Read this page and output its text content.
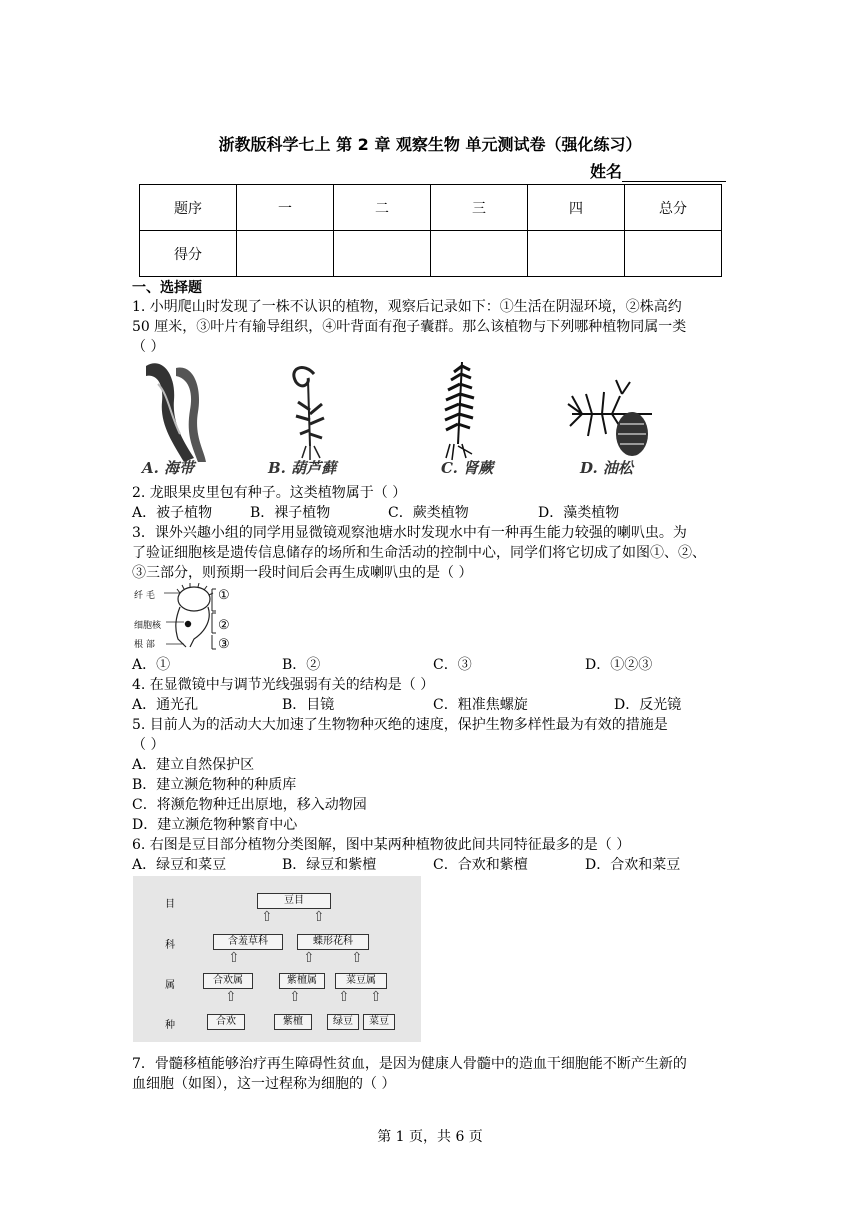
浙教版科学七上 第 2 章 观察生物 单元测试卷（强化练习）
姓名
题序	一	二	三	四	总分
得分					
一、选择题
1. 小明爬山时发现了一株不认识的植物，观察后记录如下：①生活在阴湿环境，②株高约
50 厘米，③叶片有输导组织，④叶背面有孢子囊群。那么该植物与下列哪种植物同属一类
（ ）
A. 海带	B. 葫芦藓	C. 肾蕨	D. 油松
2. 龙眼果皮里包有种子。这类植物属于（ ）
A．被子植物	B．裸子植物	C．蕨类植物	D．藻类植物
3．课外兴趣小组的同学用显微镜观察池塘水时发现水中有一种再生能力较强的喇叭虫。为
了验证细胞核是遗传信息储存的场所和生命活动的控制中心，同学们将它切成了如图①、②、
③三部分，则预期一段时间后会再生成喇叭虫的是（ ）
纤 毛
细胞核
根 部
①
②
③
A．①	B．②	C．③	D．①②③
4. 在显微镜中与调节光线强弱有关的结构是（ ）
A．通光孔	B．目镜	C．粗准焦螺旋	D．反光镜
5. 目前人为的活动大大加速了生物物种灭绝的速度，保护生物多样性最为有效的措施是
（ ）
A．建立自然保护区
B．建立濒危物种的种质库
C．将濒危物种迁出原地，移入动物园
D．建立濒危物种繁育中心
6. 右图是豆目部分植物分类图解，图中某两种植物彼此间共同特征最多的是（ ）
A．绿豆和菜豆	B．绿豆和紫檀	C．合欢和紫檀	D．合欢和菜豆
目
科
属
种
豆目
⇧	⇧
含羞草科	蝶形花科
⇧	⇧	⇧
合欢属	紫檀属	菜豆属
⇧	⇧	⇧ ⇧
合欢	紫檀	绿豆	菜豆
7．骨髓移植能够治疗再生障碍性贫血，是因为健康人骨髓中的造血干细胞能不断产生新的
血细胞（如图），这一过程称为细胞的（ ）
第 1 页，共 6 页
